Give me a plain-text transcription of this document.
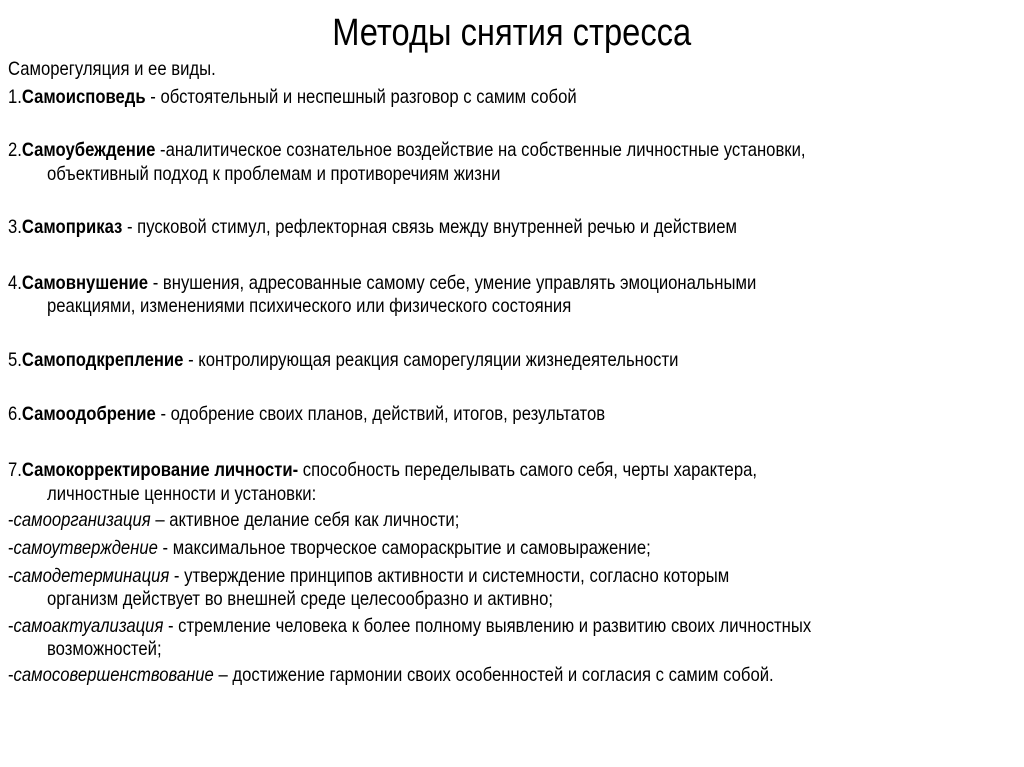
Методы снятия стресса
Саморегуляция и ее виды.
1.Самоисповедь - обстоятельный и неспешный разговор с самим собой
2.Самоубеждение -аналитическое сознательное воздействие на собственные личностные установки,
объективный подход к проблемам и противоречиям жизни
3.Самоприказ - пусковой стимул, рефлекторная связь между внутренней речью и действием
4.Самовнушение - внушения, адресованные самому себе, умение управлять эмоциональными
реакциями, изменениями психического или физического состояния
5.Самоподкрепление - контролирующая реакция саморегуляции жизнедеятельности
6.Самоодобрение - одобрение своих планов, действий, итогов, результатов
7.Самокорректирование личности- способность переделывать самого себя, черты характера,
личностные ценности и установки:
-самоорганизация – активное делание себя как личности;
-самоутверждение - максимальное творческое самораскрытие и самовыражение;
-самодетерминация - утверждение принципов активности и системности, согласно которым
организм действует во внешней среде целесообразно и активно;
-самоактуализация - стремление человека к более полному выявлению и развитию своих личностных
возможностей;
-самосовершенствование – достижение гармонии своих особенностей и согласия с самим собой.
